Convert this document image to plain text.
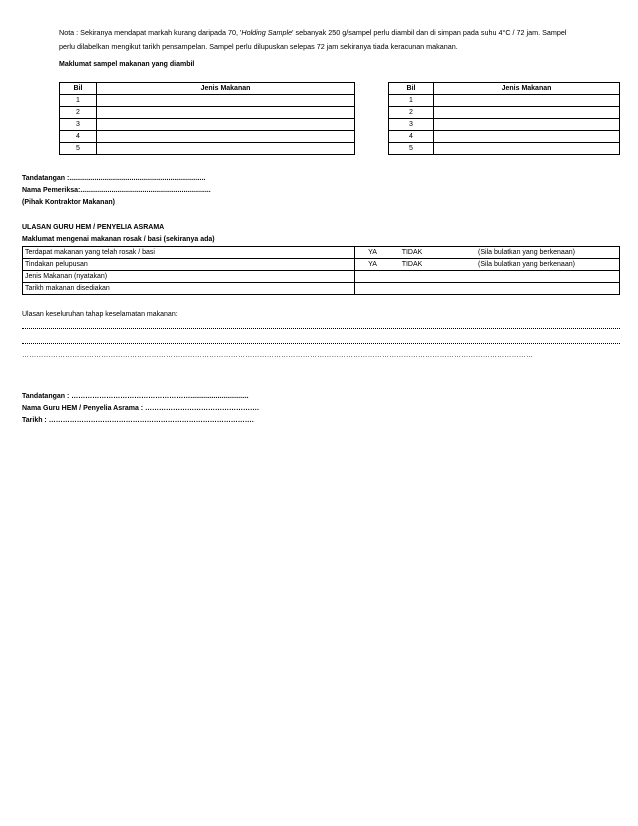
Nota : Sekiranya mendapat markah kurang daripada 70, 'Holding Sample' sebanyak 250 g/sampel perlu diambil dan di simpan pada suhu 4°C / 72 jam. Sampel
perlu dilabelkan mengikut tarikh pensampelan. Sampel perlu dilupuskan selepas 72 jam sekiranya tiada keracunan makanan.
Maklumat sampel makanan yang diambil
Bil	Jenis Makanan
1	
2	
3	
4	
5	
Bil	Jenis Makanan
1	
2	
3	
4	
5	
Tandatangan :......................................................................
Nama Pemeriksa:...................................................................
(Pihak Kontraktor Makanan)
ULASAN GURU HEM / PENYELIA ASRAMA
Maklumat mengenai makanan rosak / basi (sekiranya ada)
Terdapat makanan yang telah rosak / basi	YA	TIDAK	(Sila bulatkan yang berkenaan)
Tindakan pelupusan	YA	TIDAK	(Sila bulatkan yang berkenaan)
Jenis Makanan (nyatakan)			
Tarikh makanan disediakan			
Ulasan keseluruhan tahap keselamatan makanan:
……………………………………………………………………………………………………………………………………………………………………………………………
Tandatangan : ……………………………………………..............................
Nama Guru HEM / Penyelia Asrama : ………………………………………….
Tarikh : …………………………………………………………………………….
